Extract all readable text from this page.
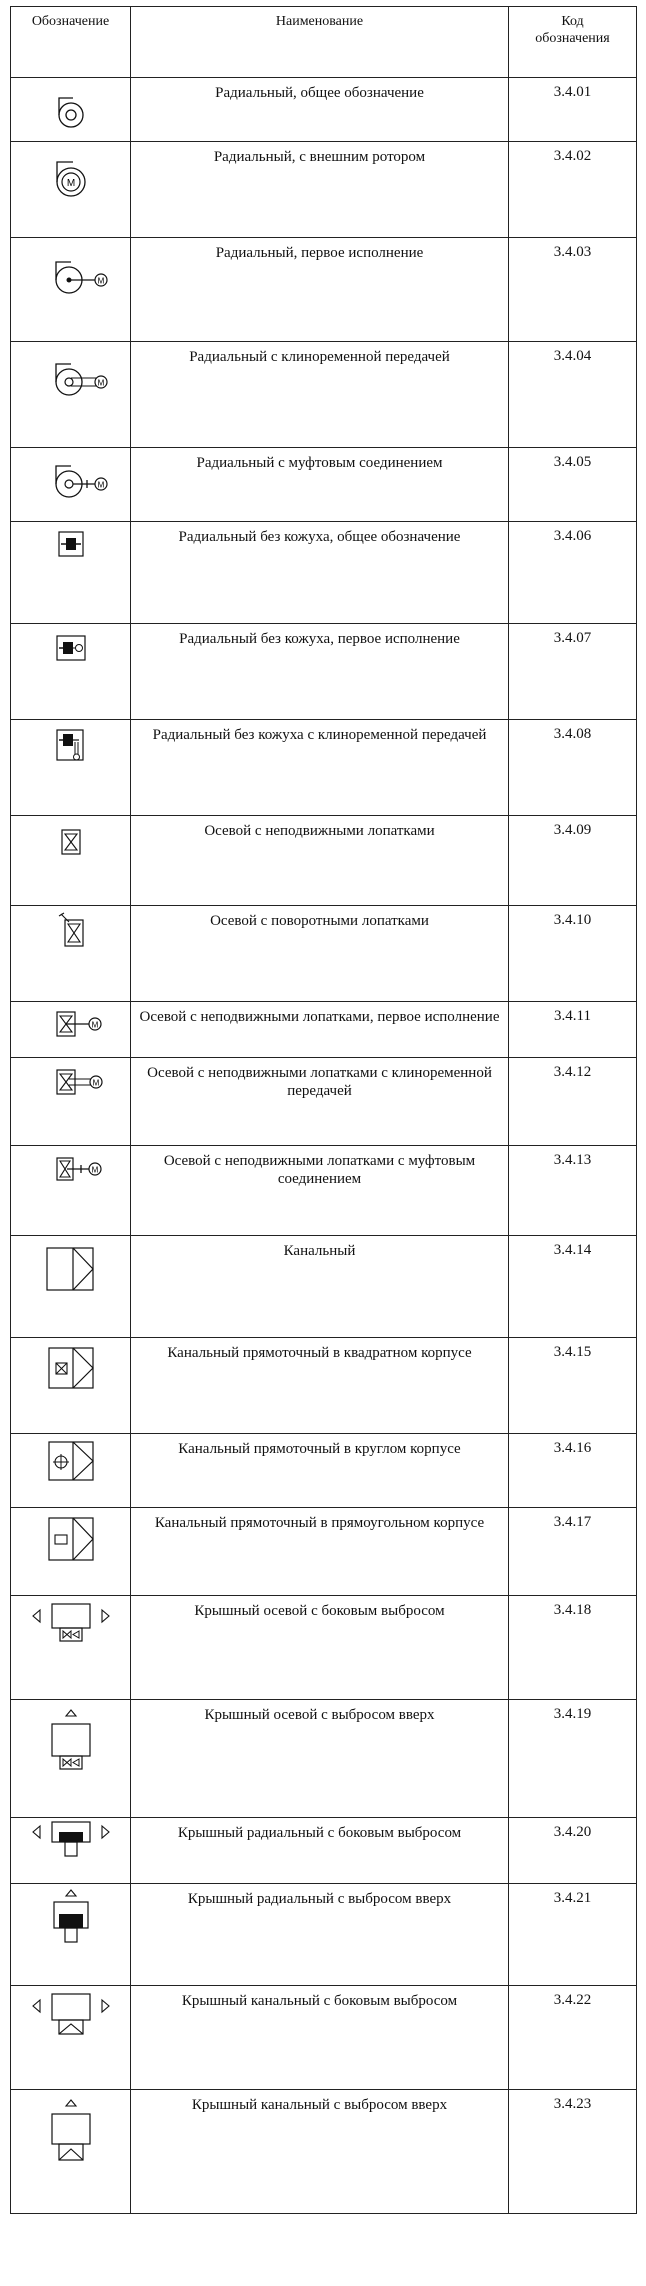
Обозначение	Наименование	Код обозначения

	Радиальный, общее обозначение	3.4.01

М	Радиальный, с внешним ротором	3.4.02

М	Радиальный, первое исполнение	3.4.03

М	Радиальный с клиноременной передачей	3.4.04

М	Радиальный с муфтовым соединением	3.4.05

	Радиальный без кожуха, общее обозначение	3.4.06

	Радиальный без кожуха, первое исполнение	3.4.07

	Радиальный без кожуха с клиноременной передачей	3.4.08

	Осевой с неподвижными лопатками	3.4.09

	Осевой с поворотными лопатками	3.4.10

М	Осевой с неподвижными лопатками, первое исполнение	3.4.11

М	Осевой с неподвижными лопатками с клиноременной передачей	3.4.12

М	Осевой с неподвижными лопатками с муфтовым соединением	3.4.13

	Канальный	3.4.14

	Канальный прямоточный в квадратном корпусе	3.4.15

	Канальный прямоточный в круглом корпусе	3.4.16

	Канальный прямоточный в прямоугольном корпусе	3.4.17

	Крышный осевой с боковым выбросом	3.4.18

	Крышный осевой с выбросом вверх	3.4.19

	Крышный радиальный с боковым выбросом	3.4.20

	Крышный радиальный с выбросом вверх	3.4.21

	Крышный канальный с боковым выбросом	3.4.22

	Крышный канальный с выбросом вверх	3.4.23
